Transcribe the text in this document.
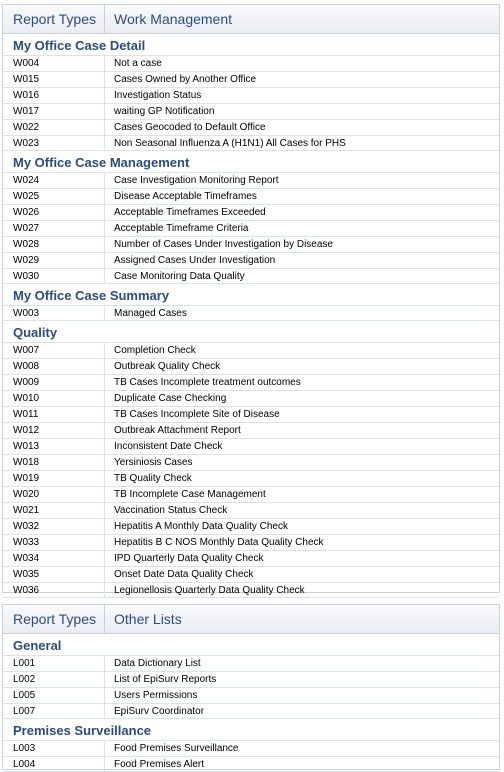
Report Types	Work Management
My Office Case Detail
W004	Not a case
W015	Cases Owned by Another Office
W016	Investigation Status
W017	waiting GP Notification
W022	Cases Geocoded to Default Office
W023	Non Seasonal Influenza A (H1N1) All Cases for PHS
My Office Case Management
W024	Case Investigation Monitoring Report
W025	Disease Acceptable Timeframes
W026	Acceptable Timeframes Exceeded
W027	Acceptable Timeframe Criteria
W028	Number of Cases Under Investigation by Disease
W029	Assigned Cases Under Investigation
W030	Case Monitoring Data Quality
My Office Case Summary
W003	Managed Cases
Quality
W007	Completion Check
W008	Outbreak Quality Check
W009	TB Cases Incomplete treatment outcomes
W010	Duplicate Case Checking
W011	TB Cases Incomplete Site of Disease
W012	Outbreak Attachment Report
W013	Inconsistent Date Check
W018	Yersiniosis Cases
W019	TB Quality Check
W020	TB Incomplete Case Management
W021	Vaccination Status Check
W032	Hepatitis A Monthly Data Quality Check
W033	Hepatitis B C NOS Monthly Data Quality Check
W034	IPD Quarterly Data Quality Check
W035	Onset Date Data Quality Check
W036	Legionellosis Quarterly Data Quality Check
Report Types	Other Lists
General
L001	Data Dictionary List
L002	List of EpiSurv Reports
L005	Users Permissions
L007	EpiSurv Coordinator
Premises Surveillance
L003	Food Premises Surveillance
L004	Food Premises Alert
